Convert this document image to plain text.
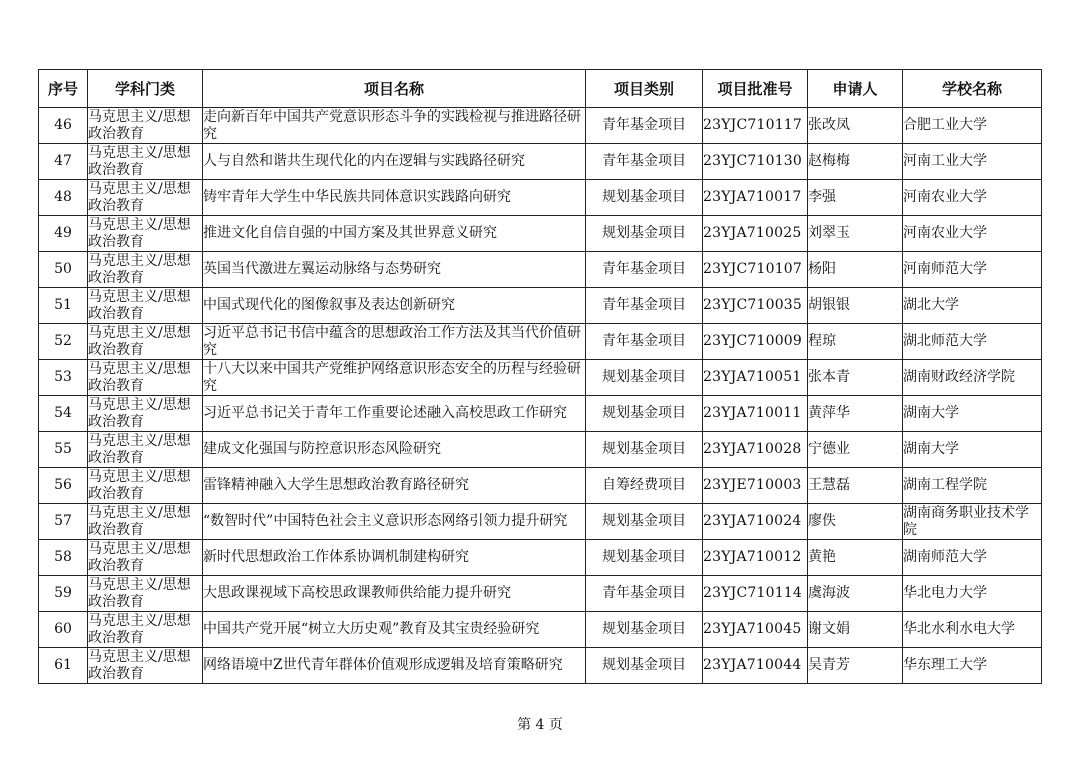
序号	学科门类	项目名称	项目类别	项目批准号	申请人	学校名称
46	马克思主义/思想政治教育	走向新百年中国共产党意识形态斗争的实践检视与推进路径研究	青年基金项目	23YJC710117	张改凤	合肥工业大学

47	马克思主义/思想政治教育	人与自然和谐共生现代化的内在逻辑与实践路径研究	青年基金项目	23YJC710130	赵梅梅	河南工业大学

48	马克思主义/思想政治教育	铸牢青年大学生中华民族共同体意识实践路向研究	规划基金项目	23YJA710017	李强	河南农业大学

49	马克思主义/思想政治教育	推进文化自信自强的中国方案及其世界意义研究	规划基金项目	23YJA710025	刘翠玉	河南农业大学

50	马克思主义/思想政治教育	英国当代激进左翼运动脉络与态势研究	青年基金项目	23YJC710107	杨阳	河南师范大学

51	马克思主义/思想政治教育	中国式现代化的图像叙事及表达创新研究	青年基金项目	23YJC710035	胡银银	湖北大学

52	马克思主义/思想政治教育	习近平总书记书信中蕴含的思想政治工作方法及其当代价值研究	青年基金项目	23YJC710009	程琼	湖北师范大学

53	马克思主义/思想政治教育	十八大以来中国共产党维护网络意识形态安全的历程与经验研究	规划基金项目	23YJA710051	张本青	湖南财政经济学院

54	马克思主义/思想政治教育	习近平总书记关于青年工作重要论述融入高校思政工作研究	规划基金项目	23YJA710011	黄萍华	湖南大学

55	马克思主义/思想政治教育	建成文化强国与防控意识形态风险研究	规划基金项目	23YJA710028	宁德业	湖南大学

56	马克思主义/思想政治教育	雷锋精神融入大学生思想政治教育路径研究	自筹经费项目	23YJE710003	王慧磊	湖南工程学院

57	马克思主义/思想政治教育	“数智时代”中国特色社会主义意识形态网络引领力提升研究	规划基金项目	23YJA710024	廖佚	湖南商务职业技术学院

58	马克思主义/思想政治教育	新时代思想政治工作体系协调机制建构研究	规划基金项目	23YJA710012	黄艳	湖南师范大学

59	马克思主义/思想政治教育	大思政课视域下高校思政课教师供给能力提升研究	青年基金项目	23YJC710114	虞海波	华北电力大学

60	马克思主义/思想政治教育	中国共产党开展“树立大历史观”教育及其宝贵经验研究	规划基金项目	23YJA710045	谢文娟	华北水利水电大学

61	马克思主义/思想政治教育	网络语境中Z世代青年群体价值观形成逻辑及培育策略研究	规划基金项目	23YJA710044	吴青芳	华东理工大学
第 4 页
